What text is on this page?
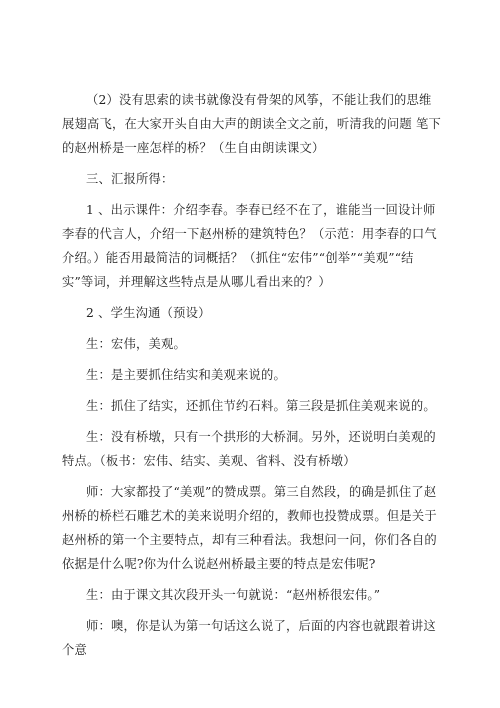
（2）没有思索的读书就像没有骨架的风筝，不能让我们的思维展翅高飞，在大家开头自由大声的朗读全文之前，听清我的问题 笔下的赵州桥是一座怎样的桥？（生自由朗读课文）

三、汇报所得：

1 、出示课件：介绍李春。李春已经不在了，谁能当一回设计师李春的代言人，介绍一下赵州桥的建筑特色？（示范：用李春的口气介绍。）能否用最简洁的词概括？（抓住“宏伟”“创举”“美观”“结实”等词，并理解这些特点是从哪儿看出来的？）

2 、学生沟通（预设）

生：宏伟，美观。

生：是主要抓住结实和美观来说的。

生：抓住了结实，还抓住节约石料。第三段是抓住美观来说的。

生：没有桥墩，只有一个拱形的大桥洞。另外，还说明白美观的特点。（板书：宏伟、结实、美观、省料、没有桥墩）

师：大家都投了“美观”的赞成票。第三自然段，的确是抓住了赵州桥的桥栏石雕艺术的美来说明介绍的，教师也投赞成票。但是关于赵州桥的第一个主要特点，却有三种看法。我想问一问，你们各自的依据是什么呢?你为什么说赵州桥最主要的特点是宏伟呢?

生：由于课文其次段开头一句就说：“赵州桥很宏伟。”

师：噢，你是认为第一句话这么说了，后面的内容也就跟着讲这个意
